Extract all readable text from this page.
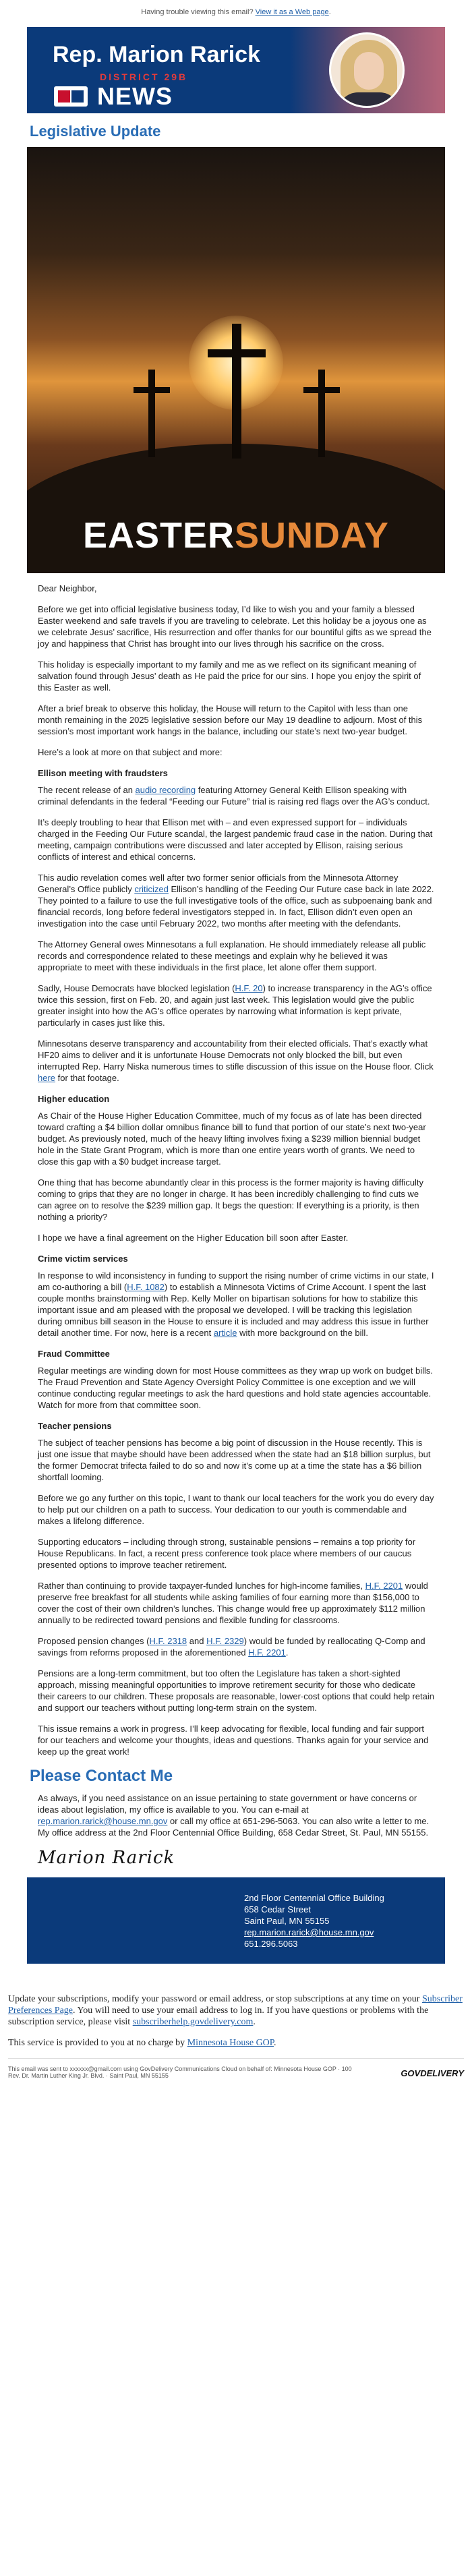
Having trouble viewing this email? View it as a Web page.
Rep. Marion Rarick
DISTRICT 29B
NEWS
Legislative Update
EASTERSUNDAY

Dear Neighbor,

Before we get into official legislative business today, I’d like to wish you and your family a blessed Easter weekend and safe travels if you are traveling to celebrate. Let this holiday be a joyous one as we celebrate Jesus’ sacrifice, His resurrection and offer thanks for our bountiful gifts as we spread the joy and happiness that Christ has brought into our lives through his sacrifice on the cross.

This holiday is especially important to my family and me as we reflect on its significant meaning of salvation found through Jesus’ death as He paid the price for our sins. I hope you enjoy the spirit of this Easter as well.

After a brief break to observe this holiday, the House will return to the Capitol with less than one month remaining in the 2025 legislative session before our May 19 deadline to adjourn. Most of this session’s most important work hangs in the balance, including our state’s next two-year budget.

Here’s a look at more on that subject and more:

Ellison meeting with fraudsters

The recent release of an audio recording featuring Attorney General Keith Ellison speaking with criminal defendants in the federal “Feeding our Future” trial is raising red flags over the AG’s conduct.

It’s deeply troubling to hear that Ellison met with – and even expressed support for – individuals charged in the Feeding Our Future scandal, the largest pandemic fraud case in the nation. During that meeting, campaign contributions were discussed and later accepted by Ellison, raising serious conflicts of interest and ethical concerns.

This audio revelation comes well after two former senior officials from the Minnesota Attorney General’s Office publicly criticized Ellison’s handling of the Feeding Our Future case back in late 2022. They pointed to a failure to use the full investigative tools of the office, such as subpoenaing bank and financial records, long before federal investigators stepped in. In fact, Ellison didn’t even open an investigation into the case until February 2022, two months after meeting with the defendants.

The Attorney General owes Minnesotans a full explanation. He should immediately release all public records and correspondence related to these meetings and explain why he believed it was appropriate to meet with these individuals in the first place, let alone offer them support.

Sadly, House Democrats have blocked legislation (H.F. 20) to increase transparency in the AG’s office twice this session, first on Feb. 20, and again just last week. This legislation would give the public greater insight into how the AG’s office operates by narrowing what information is kept private, particularly in cases just like this.

Minnesotans deserve transparency and accountability from their elected officials. That’s exactly what HF20 aims to deliver and it is unfortunate House Democrats not only blocked the bill, but even interrupted Rep. Harry Niska numerous times to stifle discussion of this issue on the House floor. Click here for that footage.

Higher education

As Chair of the House Higher Education Committee, much of my focus as of late has been directed toward crafting a $4 billion dollar omnibus finance bill to fund that portion of our state’s next two-year budget. As previously noted, much of the heavy lifting involves fixing a $239 million biennial budget hole in the State Grant Program, which is more than one entire years worth of grants. We need to close this gap with a $0 budget increase target.

One thing that has become abundantly clear in this process is the former majority is having difficulty coming to grips that they are no longer in charge. It has been incredibly challenging to find cuts we can agree on to resolve the $239 million gap. It begs the question: If everything is a priority, is then nothing a priority?

I hope we have a final agreement on the Higher Education bill soon after Easter.

Crime victim services

In response to wild inconsistency in funding to support the rising number of crime victims in our state, I am co-authoring a bill (H.F. 1082) to establish a Minnesota Victims of Crime Account. I spent the last couple months brainstorming with Rep. Kelly Moller on bipartisan solutions for how to stabilize this important issue and am pleased with the proposal we developed. I will be tracking this legislation during omnibus bill season in the House to ensure it is included and may address this issue in further detail another time. For now, here is a recent article with more background on the bill.

Fraud Committee

Regular meetings are winding down for most House committees as they wrap up work on budget bills. The Fraud Prevention and State Agency Oversight Policy Committee is one exception and we will continue conducting regular meetings to ask the hard questions and hold state agencies accountable. Watch for more from that committee soon.

Teacher pensions

The subject of teacher pensions has become a big point of discussion in the House recently. This is just one issue that maybe should have been addressed when the state had an $18 billion surplus, but the former Democrat trifecta failed to do so and now it’s come up at a time the state has a $6 billion shortfall looming.

Before we go any further on this topic, I want to thank our local teachers for the work you do every day to help put our children on a path to success. Your dedication to our youth is commendable and makes a lifelong difference.

Supporting educators – including through strong, sustainable pensions – remains a top priority for House Republicans. In fact, a recent press conference took place where members of our caucus presented options to improve teacher retirement.

Rather than continuing to provide taxpayer-funded lunches for high-income families, H.F. 2201 would preserve free breakfast for all students while asking families of four earning more than $156,000 to cover the cost of their own children’s lunches. This change would free up approximately $112 million annually to be redirected toward pensions and flexible funding for classrooms.

Proposed pension changes (H.F. 2318 and H.F. 2329) would be funded by reallocating Q-Comp and savings from reforms proposed in the aforementioned H.F. 2201.

Pensions are a long-term commitment, but too often the Legislature has taken a short-sighted approach, missing meaningful opportunities to improve retirement security for those who dedicate their careers to our children. These proposals are reasonable, lower-cost options that could help retain and support our teachers without putting long-term strain on the system.

This issue remains a work in progress. I’ll keep advocating for flexible, local funding and fair support for our teachers and welcome your thoughts, ideas and questions. Thanks again for your service and keep up the great work!

Please Contact Me

As always, if you need assistance on an issue pertaining to state government or have concerns or ideas about legislation, my office is available to you. You can e-mail at rep.marion.rarick@house.mn.gov or call my office at 651-296-5063. You can also write a letter to me. My office address at the 2nd Floor Centennial Office Building, 658 Cedar Street, St. Paul, MN 55155.

Marion Rarick
2nd Floor Centennial Office Building
658 Cedar Street
Saint Paul, MN 55155
rep.marion.rarick@house.mn.gov
651.296.5063

Update your subscriptions, modify your password or email address, or stop subscriptions at any time on your Subscriber Preferences Page. You will need to use your email address to log in. If you have questions or problems with the subscription service, please visit subscriberhelp.govdelivery.com.

This service is provided to you at no charge by Minnesota House GOP.

This email was sent to xxxxxx@gmail.com using GovDelivery Communications Cloud on behalf of: Minnesota House GOP · 100
Rev. Dr. Martin Luther King Jr. Blvd. · Saint Paul, MN 55155	GOVDELIVERY
